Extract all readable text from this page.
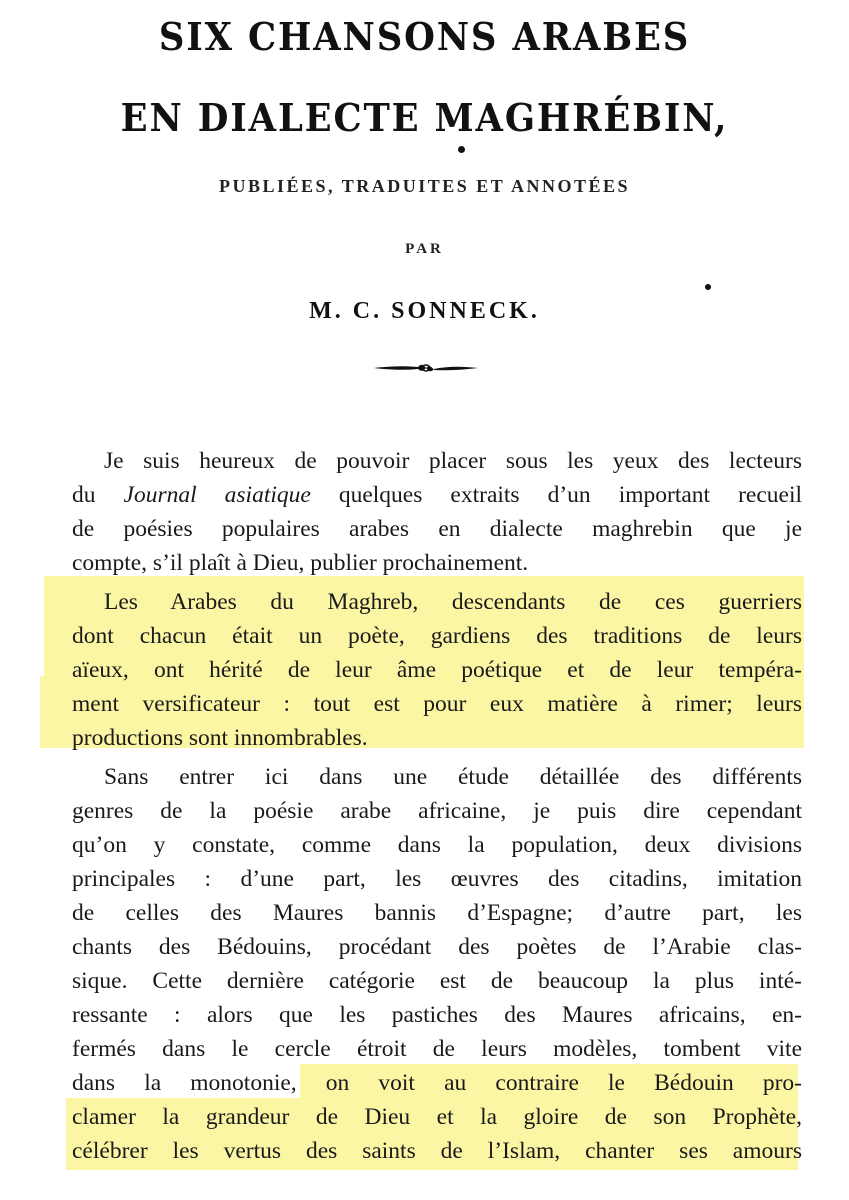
SIX CHANSONS ARABES
EN DIALECTE MAGHRÉBIN,
PUBLIÉES, TRADUITES ET ANNOTÉES
PAR
M. C. SONNECK.
Je suis heureux de pouvoir placer sous les yeux des lecteurs
du Journal asiatique quelques extraits d’un important recueil
de poésies populaires arabes en dialecte maghrebin que je
compte, s’il plaît à Dieu, publier prochainement.
Les Arabes du Maghreb, descendants de ces guerriers
dont chacun était un poète, gardiens des traditions de leurs
aïeux, ont hérité de leur âme poétique et de leur tempéra-
ment versificateur : tout est pour eux matière à rimer; leurs
productions sont innombrables.
Sans entrer ici dans une étude détaillée des différents
genres de la poésie arabe africaine, je puis dire cependant
qu’on y constate, comme dans la population, deux divisions
principales : d’une part, les œuvres des citadins, imitation
de celles des Maures bannis d’Espagne; d’autre part, les
chants des Bédouins, procédant des poètes de l’Arabie clas-
sique. Cette dernière catégorie est de beaucoup la plus inté-
ressante : alors que les pastiches des Maures africains, en-
fermés dans le cercle étroit de leurs modèles, tombent vite
dans la monotonie, on voit au contraire le Bédouin pro-
clamer la grandeur de Dieu et la gloire de son Prophète,
célébrer les vertus des saints de l’Islam, chanter ses amours
